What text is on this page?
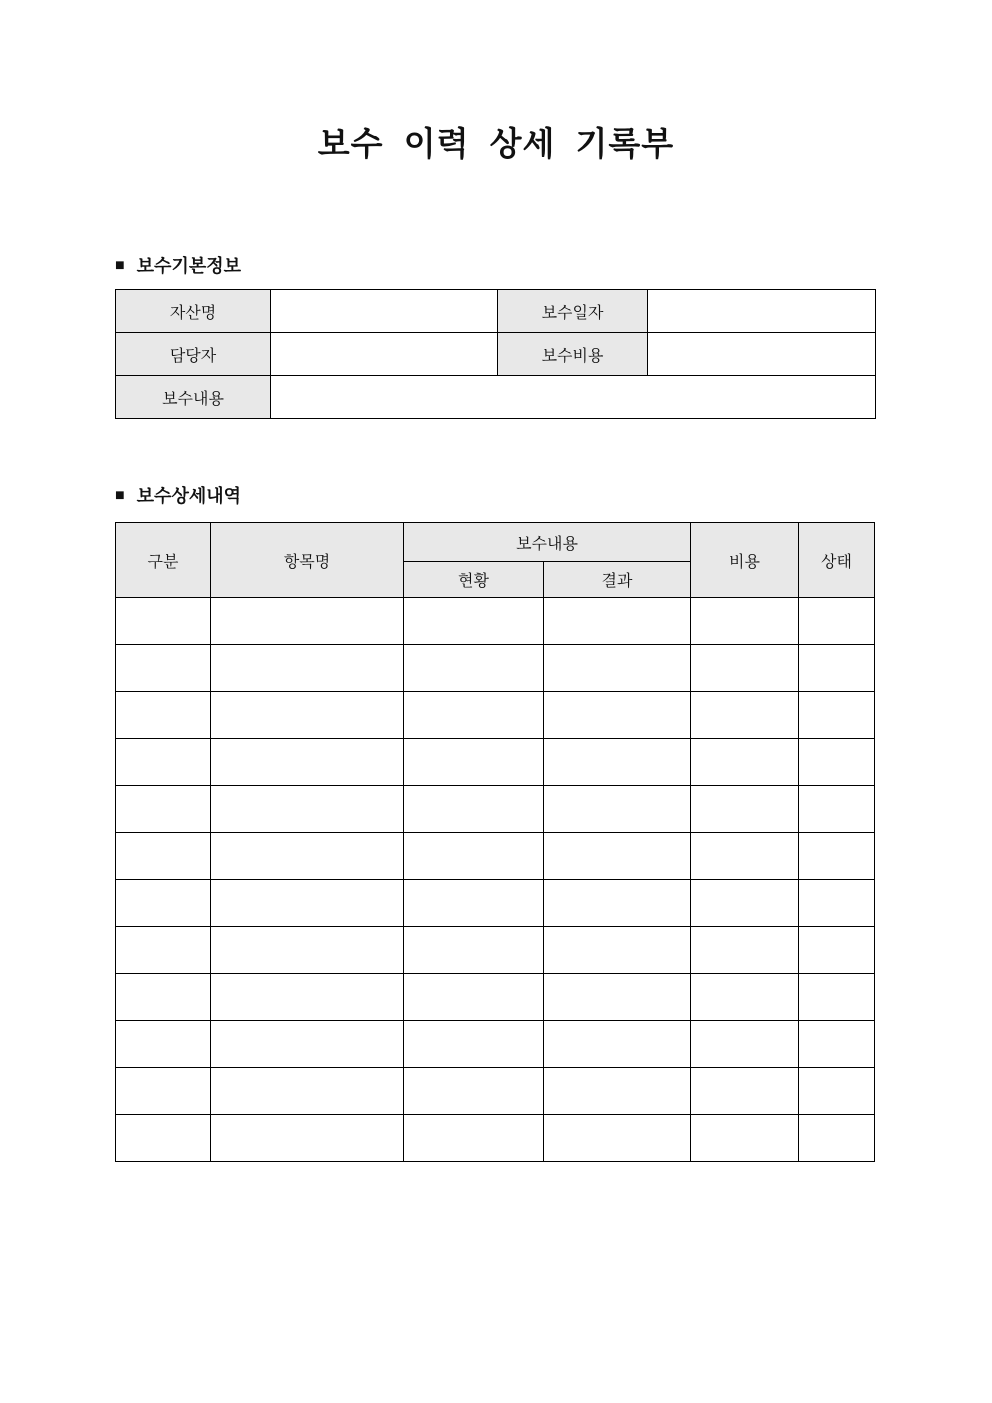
보수 이력 상세 기록부
■ 보수기본정보
자산명		보수일자	
담당자		보수비용	
보수내용			
■ 보수상세내역
구분	항목명	보수내용		비용	상태
		현황	결과		
